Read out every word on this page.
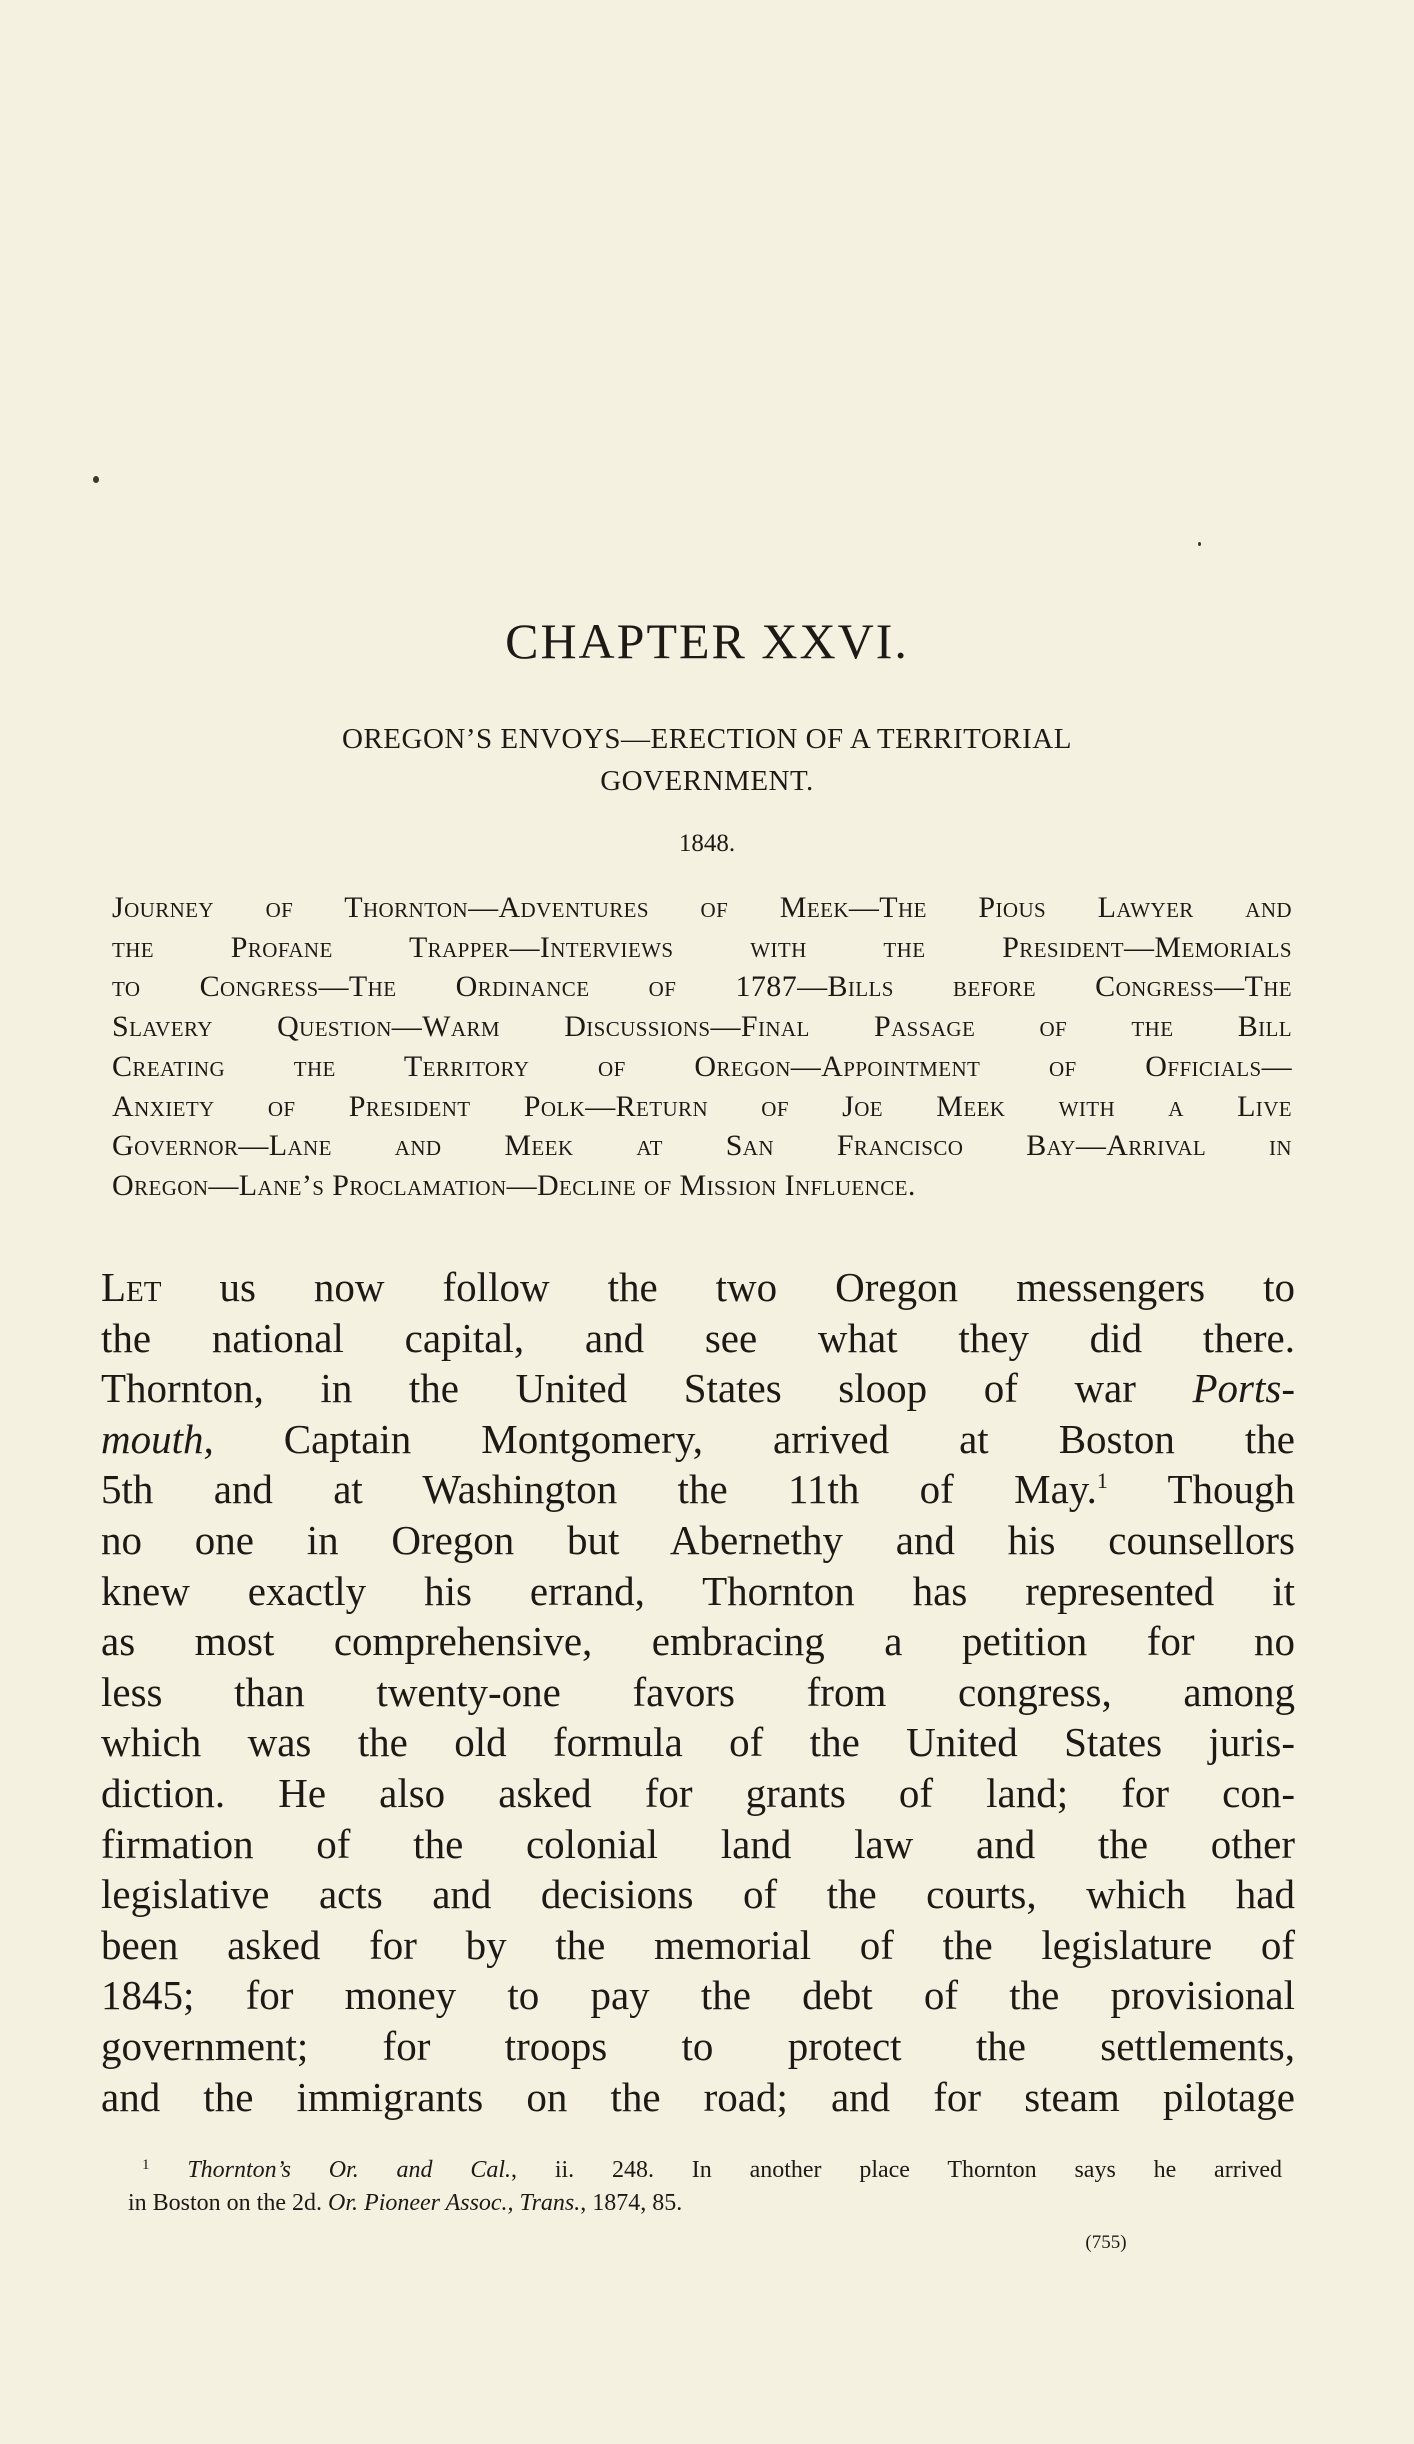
CHAPTER XXVI.
OREGON’S ENVOYS—ERECTION OF A TERRITORIAL
GOVERNMENT.
1848.
Journey of Thornton—Adventures of Meek—The Pious Lawyer and
the Profane Trapper—Interviews with the President—Memorials
to Congress—The Ordinance of 1787—Bills before Congress—The
Slavery Question—Warm Discussions—Final Passage of the Bill
Creating the Territory of Oregon—Appointment of Officials—
Anxiety of President Polk—Return of Joe Meek with a Live
Governor—Lane and Meek at San Francisco Bay—Arrival in
Oregon—Lane’s Proclamation—Decline of Mission Influence.
Let us now follow the two Oregon messengers to
the national capital, and see what they did there.
Thornton, in the United States sloop of war Ports-
mouth, Captain Montgomery, arrived at Boston the
5th and at Washington the 11th of May.$^1$ Though
no one in Oregon but Abernethy and his counsellors
knew exactly his errand, Thornton has represented it
as most comprehensive, embracing a petition for no
less than twenty-one favors from congress, among
which was the old formula of the United States juris-
diction. He also asked for grants of land; for con-
firmation of the colonial land law and the other
legislative acts and decisions of the courts, which had
been asked for by the memorial of the legislature of
1845; for money to pay the debt of the provisional
government; for troops to protect the settlements,
and the immigrants on the road; and for steam pilotage
$^1$ Thornton’s Or. and Cal., ii. 248. In another place Thornton says he arrived
in Boston on the 2d. Or. Pioneer Assoc., Trans., 1874, 85.
(755)
